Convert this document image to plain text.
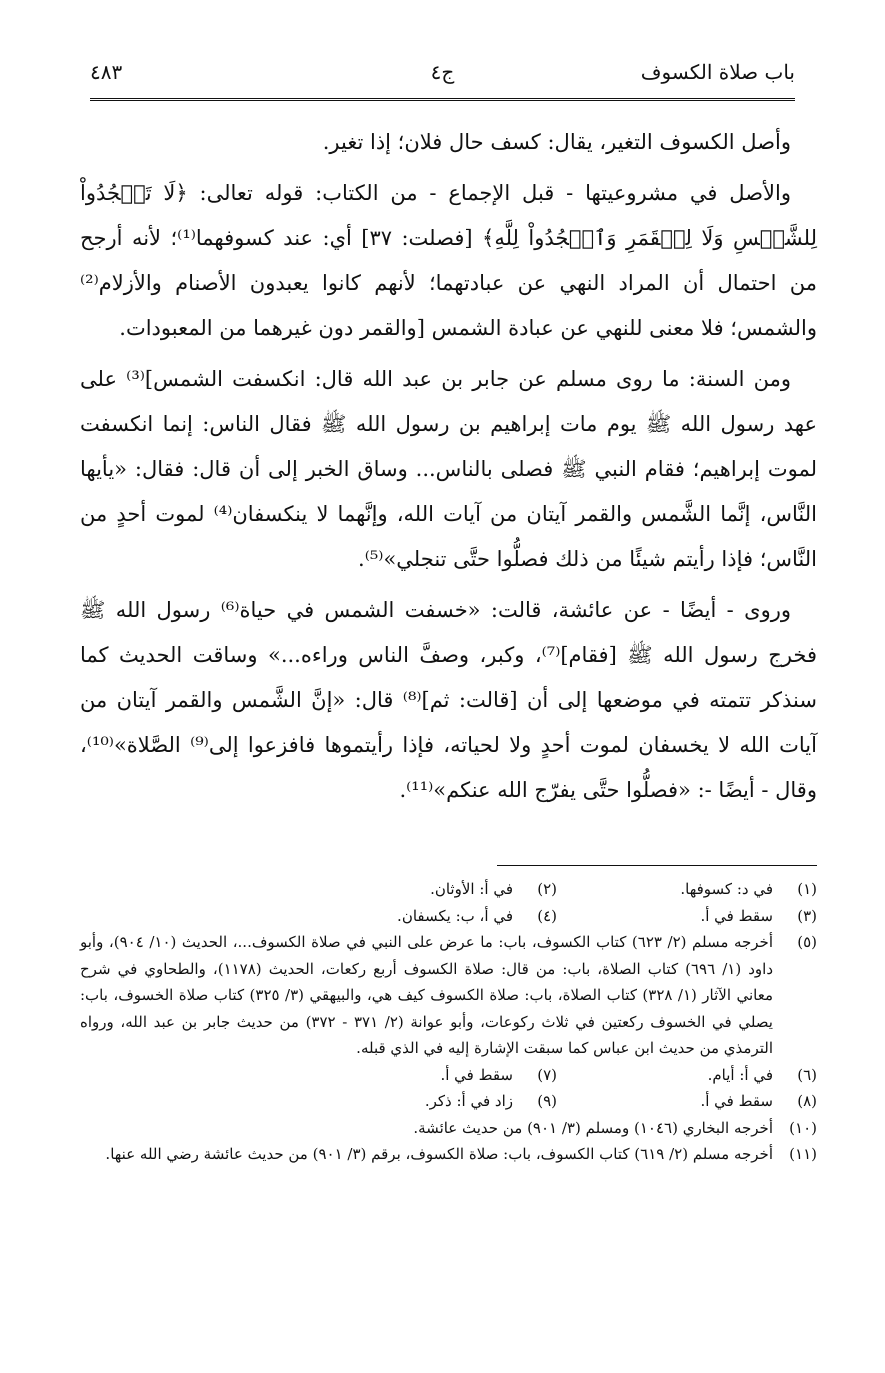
باب صلاة الكسوف
ج٤
٤٨٣

وأصل الكسوف التغير، يقال: كسف حال فلان؛ إذا تغير.

والأصل في مشروعيتها - قبل الإجماع - من الكتاب: قوله تعالى: ﴿لَا تَسۡجُدُواْ لِلشَّمۡسِ وَلَا لِلۡقَمَرِ وَٱسۡجُدُواْ لِلَّهِ﴾ [فصلت: ٣٧] أي: عند كسوفهما⁽¹⁾؛ لأنه أرجح من احتمال أن المراد النهي عن عبادتهما؛ لأنهم كانوا يعبدون الأصنام والأزلام⁽²⁾ والشمس؛ فلا معنى للنهي عن عبادة الشمس [والقمر دون غيرهما من المعبودات.

ومن السنة: ما روى مسلم عن جابر بن عبد الله قال: انكسفت الشمس]⁽³⁾ على عهد رسول الله ﷺ يوم مات إبراهيم بن رسول الله ﷺ فقال الناس: إنما انكسفت لموت إبراهيم؛ فقام النبي ﷺ فصلى بالناس... وساق الخبر إلى أن قال: فقال: «يأيها النَّاس، إنَّما الشَّمس والقمر آيتان من آيات الله، وإنَّهما لا ينكسفان⁽⁴⁾ لموت أحدٍ من النَّاس؛ فإذا رأيتم شيئًا من ذلك فصلُّوا حتَّى تنجلي»⁽⁵⁾.

وروى - أيضًا - عن عائشة، قالت: «خسفت الشمس في حياة⁽⁶⁾ رسول الله ﷺ فخرج رسول الله ﷺ [فقام]⁽⁷⁾، وكبر، وصفَّ الناس وراءه...» وساقت الحديث كما سنذكر تتمته في موضعها إلى أن [قالت: ثم]⁽⁸⁾ قال: «إنَّ الشَّمس والقمر آيتان من آيات الله لا يخسفان لموت أحدٍ ولا لحياته، فإذا رأيتموها فافزعوا إلى⁽⁹⁾ الصَّلاة»⁽¹⁰⁾، وقال - أيضًا -: «فصلُّوا حتَّى يفرّج الله عنكم»⁽¹¹⁾.

(١)
في د: كسوفها.
(٢)
في أ: الأوثان.
(٣)
سقط في أ.
(٤)
في أ، ب: يكسفان.
(٥)
أخرجه مسلم (٢/ ٦٢٣) كتاب الكسوف، باب: ما عرض على النبي في صلاة الكسوف...، الحديث (١٠/ ٩٠٤)، وأبو داود (١/ ٦٩٦) كتاب الصلاة، باب: من قال: صلاة الكسوف أربع ركعات، الحديث (١١٧٨)، والطحاوي في شرح معاني الآثار (١/ ٣٢٨) كتاب الصلاة، باب: صلاة الكسوف كيف هي، والبيهقي (٣/ ٣٢٥) كتاب صلاة الخسوف، باب: يصلي في الخسوف ركعتين في ثلاث ركوعات، وأبو عوانة (٢/ ٣٧١ - ٣٧٢) من حديث جابر بن عبد الله، ورواه الترمذي من حديث ابن عباس كما سبقت الإشارة إليه في الذي قبله.
(٦)
في أ: أيام.
(٧)
سقط في أ.
(٨)
سقط في أ.
(٩)
زاد في أ: ذكر.
(١٠)
أخرجه البخاري (١٠٤٦) ومسلم (٣/ ٩٠١) من حديث عائشة.
(١١)
أخرجه مسلم (٢/ ٦١٩) كتاب الكسوف، باب: صلاة الكسوف، برقم (٣/ ٩٠١) من حديث عائشة رضي الله عنها.
